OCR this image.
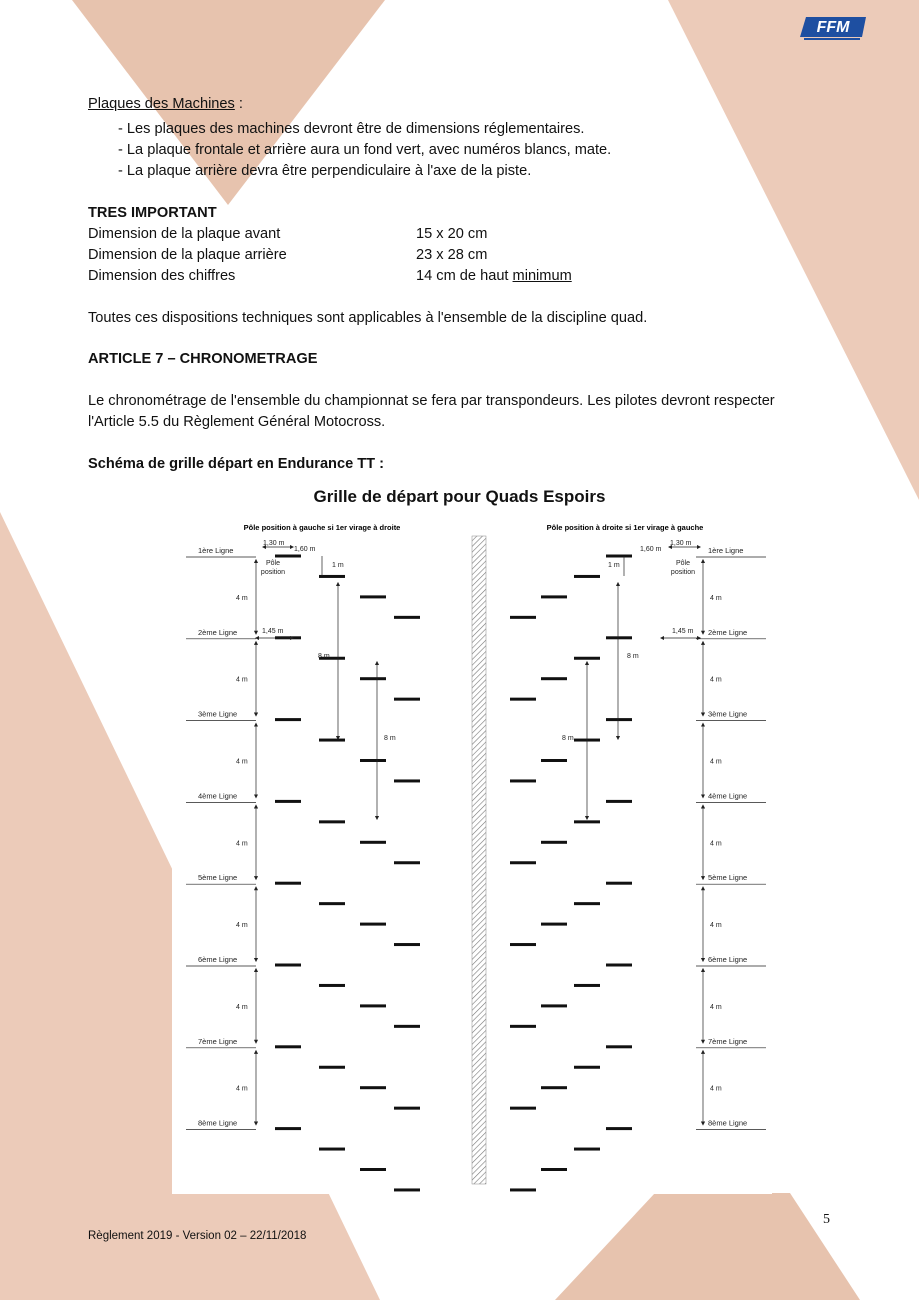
FFM
Plaques des Machines :
- Les plaques des machines devront être de dimensions réglementaires.
- La plaque frontale et arrière aura un fond vert, avec numéros blancs, mate.
- La plaque arrière devra être perpendiculaire à l'axe de la piste.
TRES IMPORTANT
Dimension de la plaque avant	15 x 20 cm
Dimension de la plaque arrière	23 x 28 cm
Dimension des chiffres	14 cm de haut minimum
Toutes ces dispositions techniques sont applicables à l'ensemble de la discipline quad.
ARTICLE 7 – CHRONOMETRAGE
Le chronométrage de l'ensemble du championnat se fera par transpondeurs. Les pilotes devront respecter
l'Article 5.5 du Règlement Général Motocross.
Schéma de grille départ en Endurance TT :
Grille de départ pour Quads Espoirs
Pôle position à gauche si 1er virage à droite	Pôle position à droite si 1er virage à gauche
1ère Ligne	1ère Ligne
4 m	4 m
2ème Ligne	2ème Ligne
4 m	4 m
3ème Ligne	3ème Ligne
4 m	4 m
4ème Ligne	4ème Ligne
4 m	4 m
5ème Ligne	5ème Ligne
4 m	4 m
6ème Ligne	6ème Ligne
4 m	4 m
7ème Ligne	7ème Ligne
4 m	4 m
8ème Ligne	8ème Ligne
1,30 m
1,60 m
Pôle
position
1 m
1,45 m
8 m
8 m
1,30 m
1,60 m
Pôle
position
1 m
1,45 m
8 m
8 m
5
Règlement 2019 - Version 02 – 22/11/2018
